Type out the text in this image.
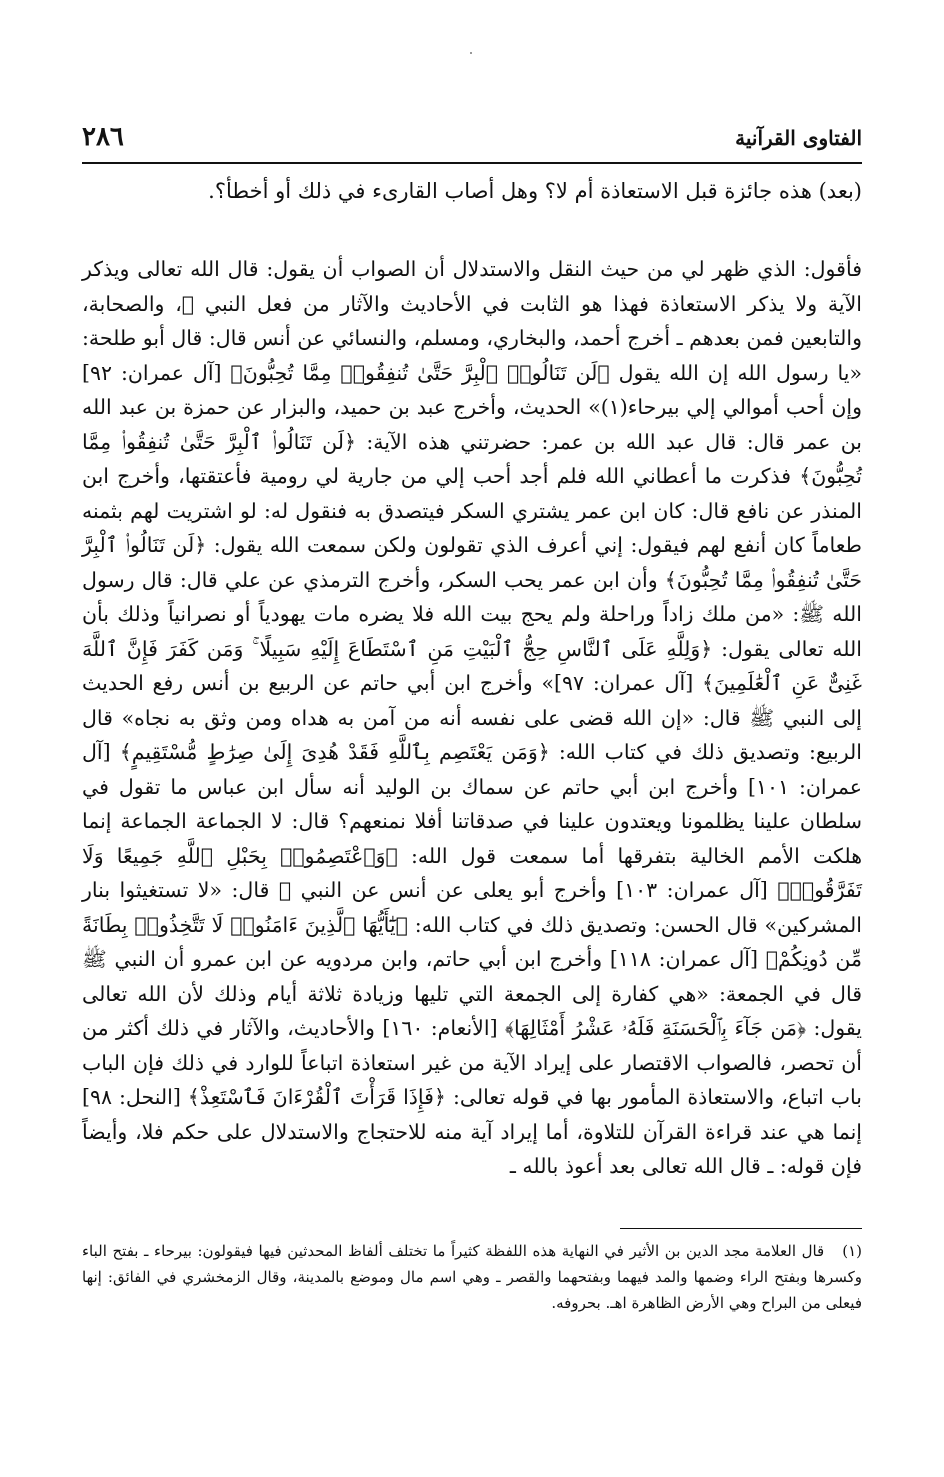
الفتاوى القرآنية
٢٨٦
(بعد) هذه جائزة قبل الاستعاذة أم لا؟ وهل أصاب القارىء في ذلك أو أخطأ؟.
فأقول: الذي ظهر لي من حيث النقل والاستدلال أن الصواب أن يقول: قال الله تعالى ويذكر الآية ولا يذكر الاستعاذة فهذا هو الثابت في الأحاديث والآثار من فعل النبي ﷺ، والصحابة، والتابعين فمن بعدهم ـ أخرج أحمد، والبخاري، ومسلم، والنسائي عن أنس قال: قال أبو طلحة: «يا رسول الله إن الله يقول ﴿لَن تَنَالُوا۟ ٱلْبِرَّ حَتَّىٰ تُنفِقُوا۟ مِمَّا تُحِبُّونَ﴾ [آل عمران: ٩٢] وإن أحب أموالي إلي بيرحاء(١)» الحديث، وأخرج عبد بن حميد، والبزار عن حمزة بن عبد الله بن عمر قال: قال عبد الله بن عمر: حضرتني هذه الآية: ﴿لَن تَنَالُوا۟ ٱلْبِرَّ حَتَّىٰ تُنفِقُوا۟ مِمَّا تُحِبُّونَ﴾ فذكرت ما أعطاني الله فلم أجد أحب إلي من جارية لي رومية فأعتقتها، وأخرج ابن المنذر عن نافع قال: كان ابن عمر يشتري السكر فيتصدق به فنقول له: لو اشتريت لهم بثمنه طعاماً كان أنفع لهم فيقول: إني أعرف الذي تقولون ولكن سمعت الله يقول: ﴿لَن تَنَالُوا۟ ٱلْبِرَّ حَتَّىٰ تُنفِقُوا۟ مِمَّا تُحِبُّونَ﴾ وأن ابن عمر يحب السكر، وأخرج الترمذي عن علي قال: قال رسول الله ﷺ: «من ملك زاداً وراحلة ولم يحج بيت الله فلا يضره مات يهودياً أو نصرانياً وذلك بأن الله تعالى يقول: ﴿وَلِلَّهِ عَلَى ٱلنَّاسِ حِجُّ ٱلْبَيْتِ مَنِ ٱسْتَطَاعَ إِلَيْهِ سَبِيلًا ۚ وَمَن كَفَرَ فَإِنَّ ٱللَّهَ غَنِىٌّ عَنِ ٱلْعَٰلَمِينَ﴾ [آل عمران: ٩٧]» وأخرج ابن أبي حاتم عن الربيع بن أنس رفع الحديث إلى النبي ﷺ قال: «إن الله قضى على نفسه أنه من آمن به هداه ومن وثق به نجاه» قال الربيع: وتصديق ذلك في كتاب الله: ﴿وَمَن يَعْتَصِم بِٱللَّهِ فَقَدْ هُدِىَ إِلَىٰ صِرَٰطٍ مُّسْتَقِيمٍ﴾ [آل عمران: ١٠١] وأخرج ابن أبي حاتم عن سماك بن الوليد أنه سأل ابن عباس ما تقول في سلطان علينا يظلمونا ويعتدون علينا في صدقاتنا أفلا نمنعهم؟ قال: لا الجماعة الجماعة إنما هلكت الأمم الخالية بتفرقها أما سمعت قول الله: ﴿وَٱعْتَصِمُوا۟ بِحَبْلِ ٱللَّهِ جَمِيعًا وَلَا تَفَرَّقُوا۟﴾ [آل عمران: ١٠٣] وأخرج أبو يعلى عن أنس عن النبي ﷺ قال: «لا تستغيثوا بنار المشركين» قال الحسن: وتصديق ذلك في كتاب الله: ﴿يَٰٓأَيُّهَا ٱلَّذِينَ ءَامَنُوا۟ لَا تَتَّخِذُوا۟ بِطَانَةً مِّن دُونِكُمْ﴾ [آل عمران: ١١٨] وأخرج ابن أبي حاتم، وابن مردويه عن ابن عمرو أن النبي ﷺ قال في الجمعة: «هي كفارة إلى الجمعة التي تليها وزيادة ثلاثة أيام وذلك لأن الله تعالى يقول: ﴿مَن جَآءَ بِٱلْحَسَنَةِ فَلَهُۥ عَشْرُ أَمْثَالِهَا﴾ [الأنعام: ١٦٠] والأحاديث، والآثار في ذلك أكثر من أن تحصر، فالصواب الاقتصار على إيراد الآية من غير استعاذة اتباعاً للوارد في ذلك فإن الباب باب اتباع، والاستعاذة المأمور بها في قوله تعالى: ﴿فَإِذَا قَرَأْتَ ٱلْقُرْءَانَ فَٱسْتَعِذْ﴾ [النحل: ٩٨] إنما هي عند قراءة القرآن للتلاوة، أما إيراد آية منه للاحتجاج والاستدلال على حكم فلا، وأيضاً فإن قوله: ـ قال الله تعالى بعد أعوذ بالله ـ
(١)قال العلامة مجد الدين بن الأثير في النهاية هذه اللفظة كثيراً ما تختلف ألفاظ المحدثين فيها فيقولون: بيرحاء ـ بفتح الباء وكسرها وبفتح الراء وضمها والمد فيهما وبفتحهما والقصر ـ وهي اسم مال وموضع بالمدينة، وقال الزمخشري في الفائق: إنها فيعلى من البراح وهي الأرض الظاهرة اهـ. بحروفه.
